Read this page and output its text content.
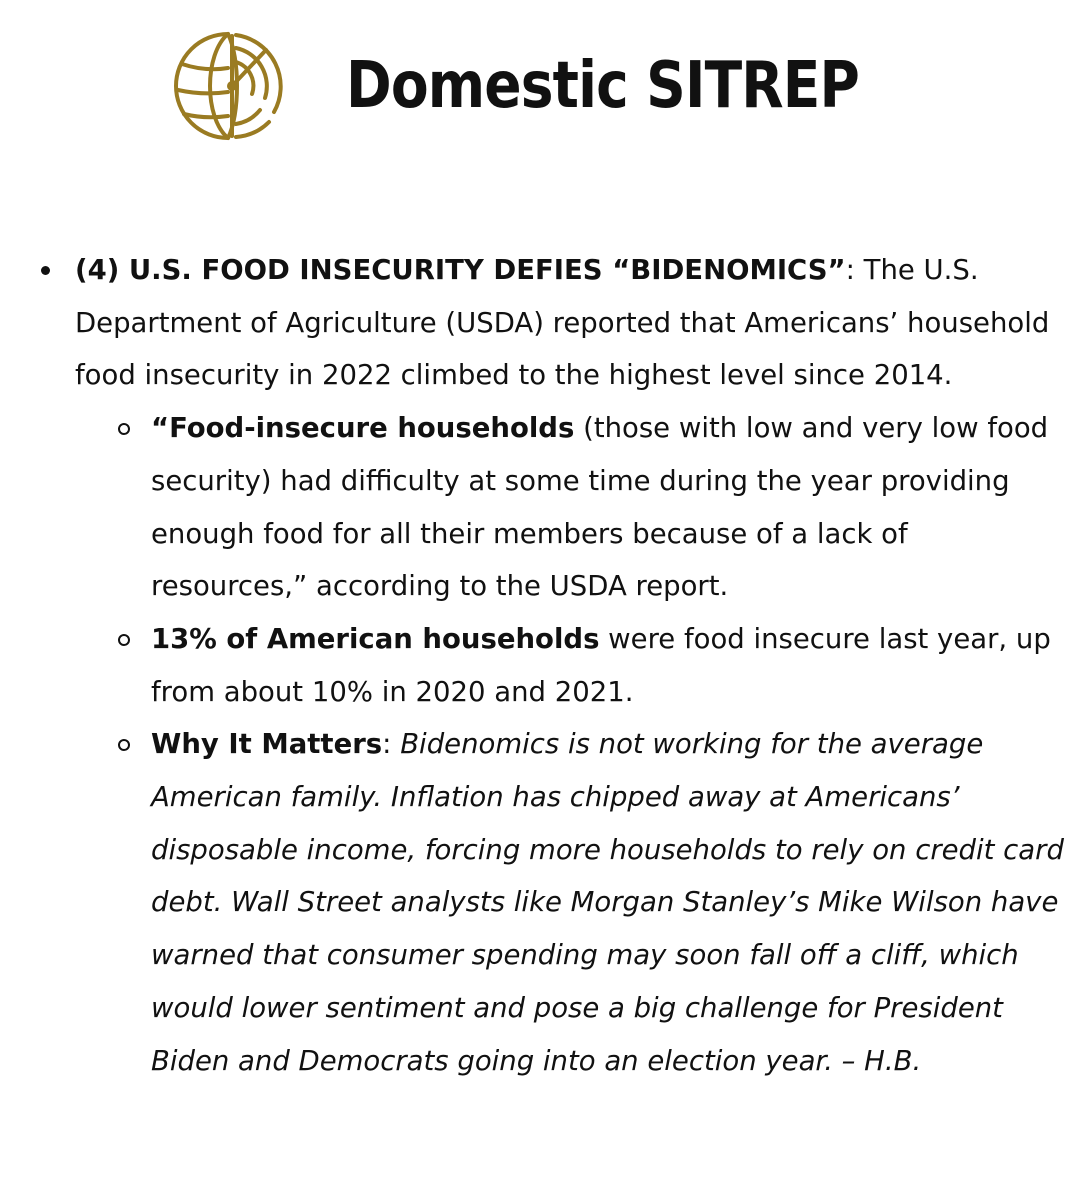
Domestic SITREP
(4) U.S. FOOD INSECURITY DEFIES “BIDENOMICS”: The U.S. Department of Agriculture (USDA) reported that Americans’ household food insecurity in 2022 climbed to the highest level since 2014.
“Food-insecure households (those with low and very low food security) had difficulty at some time during the year providing enough food for all their members because of a lack of resources,” according to the USDA report.
13% of American households were food insecure last year, up from about 10% in 2020 and 2021.
Why It Matters: Bidenomics is not working for the average American family. Inflation has chipped away at Americans’ disposable income, forcing more households to rely on credit card debt. Wall Street analysts like Morgan Stanley’s Mike Wilson have warned that consumer spending may soon fall off a cliff, which would lower sentiment and pose a big challenge for President Biden and Democrats going into an election year. – H.B.
